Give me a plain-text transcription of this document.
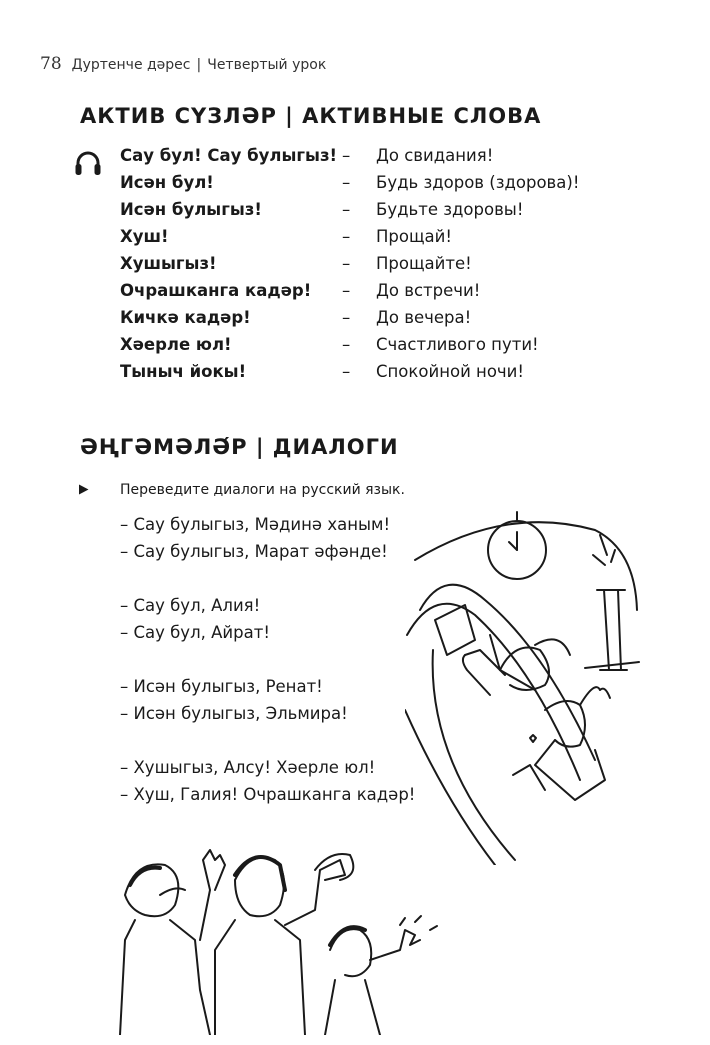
78 Дуртенче дәрес | Четвертый урок
АКТИВ СҮЗЛӘР | АКТИВНЫЕ СЛОВА
Сау бул! Сау булыгыз! – До свидания!
Исән бул!	– Будь здоров (здорова)!
Исән булыгыз!	– Будьте здоровы!
Хуш!	– Прощай!
Хушыгыз!	– Прощайте!
Очрашканга кадәр! – До встречи!
Кичкә кадәр!	– До вечера!
Хәерле юл!	– Счастливого пути!
Тыныч йокы!	– Спокойной ночи!
ӘҢГӘМӘЛӘ́Р | ДИАЛОГИ
Переведите диалоги на русский язык.
– Сау булыгыз, Мәдинә ханым!
– Сау булыгыз, Марат әфәнде!
– Сау бул, Алия!
– Сау бул, Айрат!
– Исән булыгыз, Ренат!
– Исән булыгыз, Эльмира!
– Хушыгыз, Алсу! Хәерле юл!
– Хуш, Галия! Очрашканга кадәр!
